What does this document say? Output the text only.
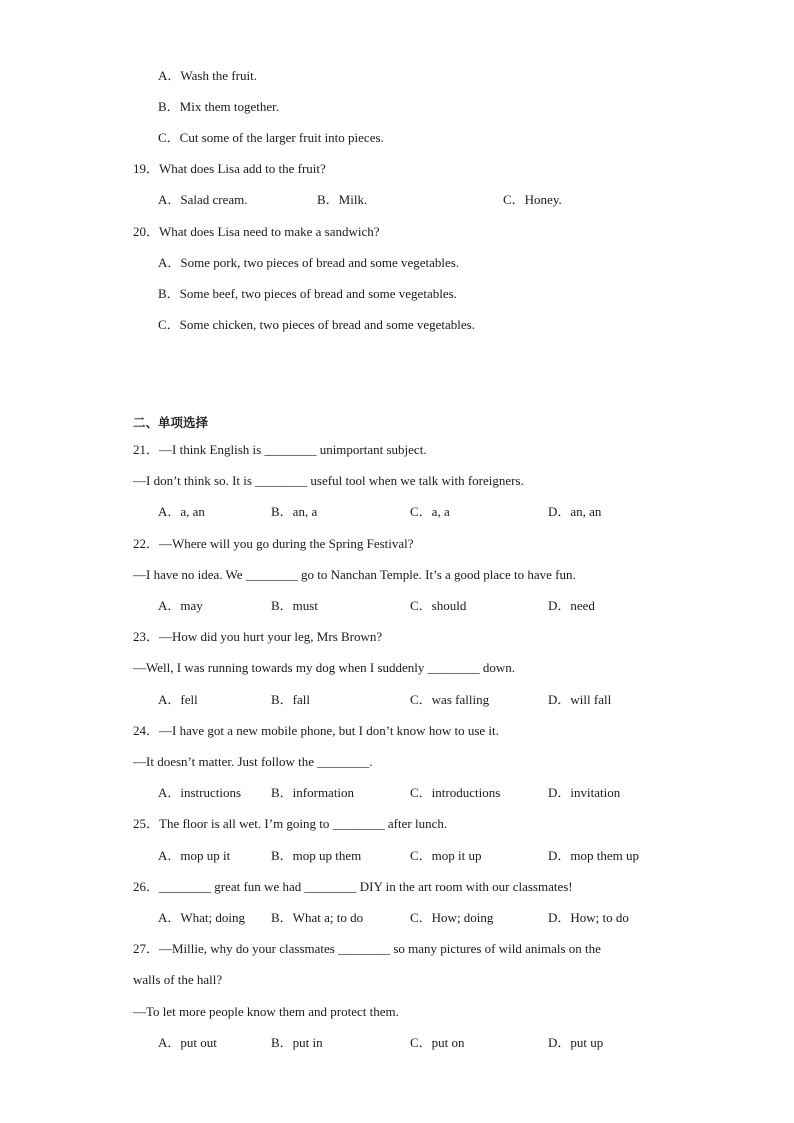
A．Wash the fruit.
B．Mix them together.
C．Cut some of the larger fruit into pieces.
19．What does Lisa add to the fruit?
A．Salad cream.	B．Milk.	C．Honey.
20．What does Lisa need to make a sandwich?
A．Some pork, two pieces of bread and some vegetables.
B．Some beef, two pieces of bread and some vegetables.
C．Some chicken, two pieces of bread and some vegetables.
二、单项选择
21．—I think English is ________ unimportant subject.
—I don’t think so. It is ________ useful tool when we talk with foreigners.
A．a, an	B．an, a	C．a, a	D．an, an
22．—Where will you go during the Spring Festival?
—I have no idea. We ________ go to Nanchan Temple. It’s a good place to have fun.
A．may	B．must	C．should	D．need
23．—How did you hurt your leg, Mrs Brown?
—Well, I was running towards my dog when I suddenly ________ down.
A．fell	B．fall	C．was falling	D．will fall
24．—I have got a new mobile phone, but I don’t know how to use it.
—It doesn’t matter. Just follow the ________.
A．instructions B．information	C．introductions	D．invitation
25．The floor is all wet. I’m going to ________ after lunch.
A．mop up it	B．mop up them	C．mop it up	D．mop them up
26．________ great fun we had ________ DIY in the art room with our classmates!
A．What; doing B．What a; to do	C．How; doing	D．How; to do
27．—Millie, why do your classmates ________ so many pictures of wild animals on the
walls of the hall?
—To let more people know them and protect them.
A．put out	B．put in	C．put on	D．put up
